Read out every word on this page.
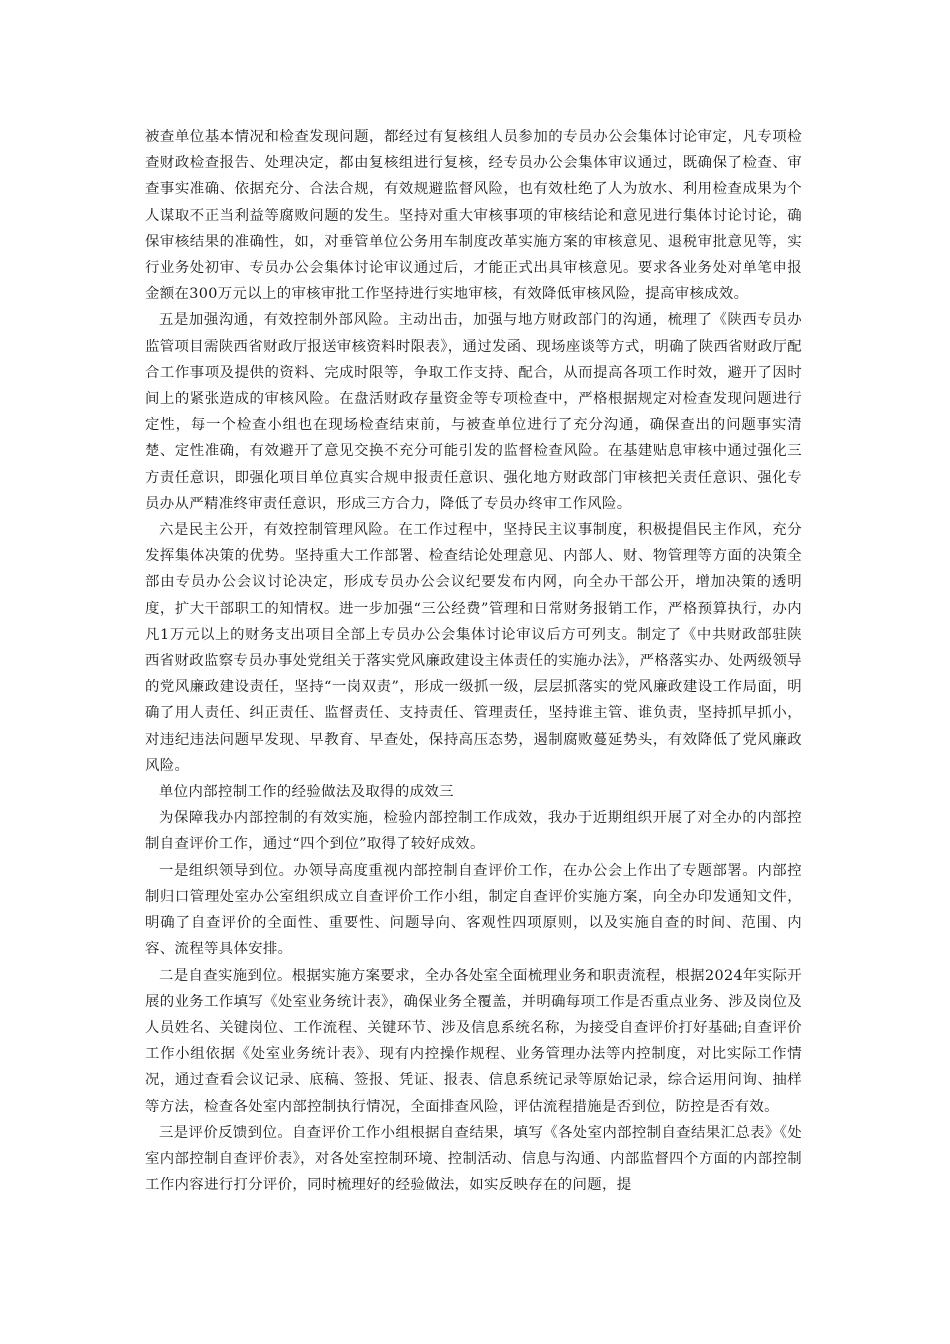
被查单位基本情况和检查发现问题，都经过有复核组人员参加的专员办公会集体讨论审定，凡专项检查财政检查报告、处理决定，都由复核组进行复核，经专员办公会集体审议通过，既确保了检查、审查事实准确、依据充分、合法合规，有效规避监督风险，也有效杜绝了人为放水、利用检查成果为个人谋取不正当利益等腐败问题的发生。坚持对重大审核事项的审核结论和意见进行集体讨论讨论，确保审核结果的准确性，如，对垂管单位公务用车制度改革实施方案的审核意见、退税审批意见等，实行业务处初审、专员办公会集体讨论审议通过后，才能正式出具审核意见。要求各业务处对单笔申报金额在300万元以上的审核审批工作坚持进行实地审核，有效降低审核风险，提高审核成效。

五是加强沟通，有效控制外部风险。主动出击，加强与地方财政部门的沟通，梳理了《陕西专员办监管项目需陕西省财政厅报送审核资料时限表》，通过发函、现场座谈等方式，明确了陕西省财政厅配合工作事项及提供的资料、完成时限等，争取工作支持、配合，从而提高各项工作时效，避开了因时间上的紧张造成的审核风险。在盘活财政存量资金等专项检查中，严格根据规定对检查发现问题进行定性，每一个检查小组也在现场检查结束前，与被查单位进行了充分沟通，确保查出的问题事实清楚、定性准确，有效避开了意见交换不充分可能引发的监督检查风险。在基建贴息审核中通过强化三方责任意识，即强化项目单位真实合规申报责任意识、强化地方财政部门审核把关责任意识、强化专员办从严精准终审责任意识，形成三方合力，降低了专员办终审工作风险。

六是民主公开，有效控制管理风险。在工作过程中，坚持民主议事制度，积极提倡民主作风，充分发挥集体决策的优势。坚持重大工作部署、检查结论处理意见、内部人、财、物管理等方面的决策全部由专员办公会议讨论决定，形成专员办公会议纪要发布内网，向全办干部公开，增加决策的透明度，扩大干部职工的知情权。进一步加强“三公经费”管理和日常财务报销工作，严格预算执行，办内凡1万元以上的财务支出项目全部上专员办公会集体讨论审议后方可列支。制定了《中共财政部驻陕西省财政监察专员办事处党组关于落实党风廉政建设主体责任的实施办法》，严格落实办、处两级领导的党风廉政建设责任，坚持“一岗双责”，形成一级抓一级，层层抓落实的党风廉政建设工作局面，明确了用人责任、纠正责任、监督责任、支持责任、管理责任，坚持谁主管、谁负责，坚持抓早抓小，对违纪违法问题早发现、早教育、早查处，保持高压态势，遏制腐败蔓延势头，有效降低了党风廉政风险。

单位内部控制工作的经验做法及取得的成效三

为保障我办内部控制的有效实施，检验内部控制工作成效，我办于近期组织开展了对全办的内部控制自查评价工作，通过“四个到位”取得了较好成效。

一是组织领导到位。办领导高度重视内部控制自查评价工作，在办公会上作出了专题部署。内部控制归口管理处室办公室组织成立自查评价工作小组，制定自查评价实施方案，向全办印发通知文件，明确了自查评价的全面性、重要性、问题导向、客观性四项原则，以及实施自查的时间、范围、内容、流程等具体安排。

二是自查实施到位。根据实施方案要求，全办各处室全面梳理业务和职责流程，根据2024年实际开展的业务工作填写《处室业务统计表》，确保业务全覆盖，并明确每项工作是否重点业务、涉及岗位及人员姓名、关键岗位、工作流程、关键环节、涉及信息系统名称，为接受自查评价打好基础;自查评价工作小组依据《处室业务统计表》、现有内控操作规程、业务管理办法等内控制度，对比实际工作情况，通过查看会议记录、底稿、签报、凭证、报表、信息系统记录等原始记录，综合运用问询、抽样等方法，检查各处室内部控制执行情况，全面排查风险，评估流程措施是否到位，防控是否有效。

三是评价反馈到位。自查评价工作小组根据自查结果，填写《各处室内部控制自查结果汇总表》《处室内部控制自查评价表》，对各处室控制环境、控制活动、信息与沟通、内部监督四个方面的内部控制工作内容进行打分评价，同时梳理好的经验做法，如实反映存在的问题，提
